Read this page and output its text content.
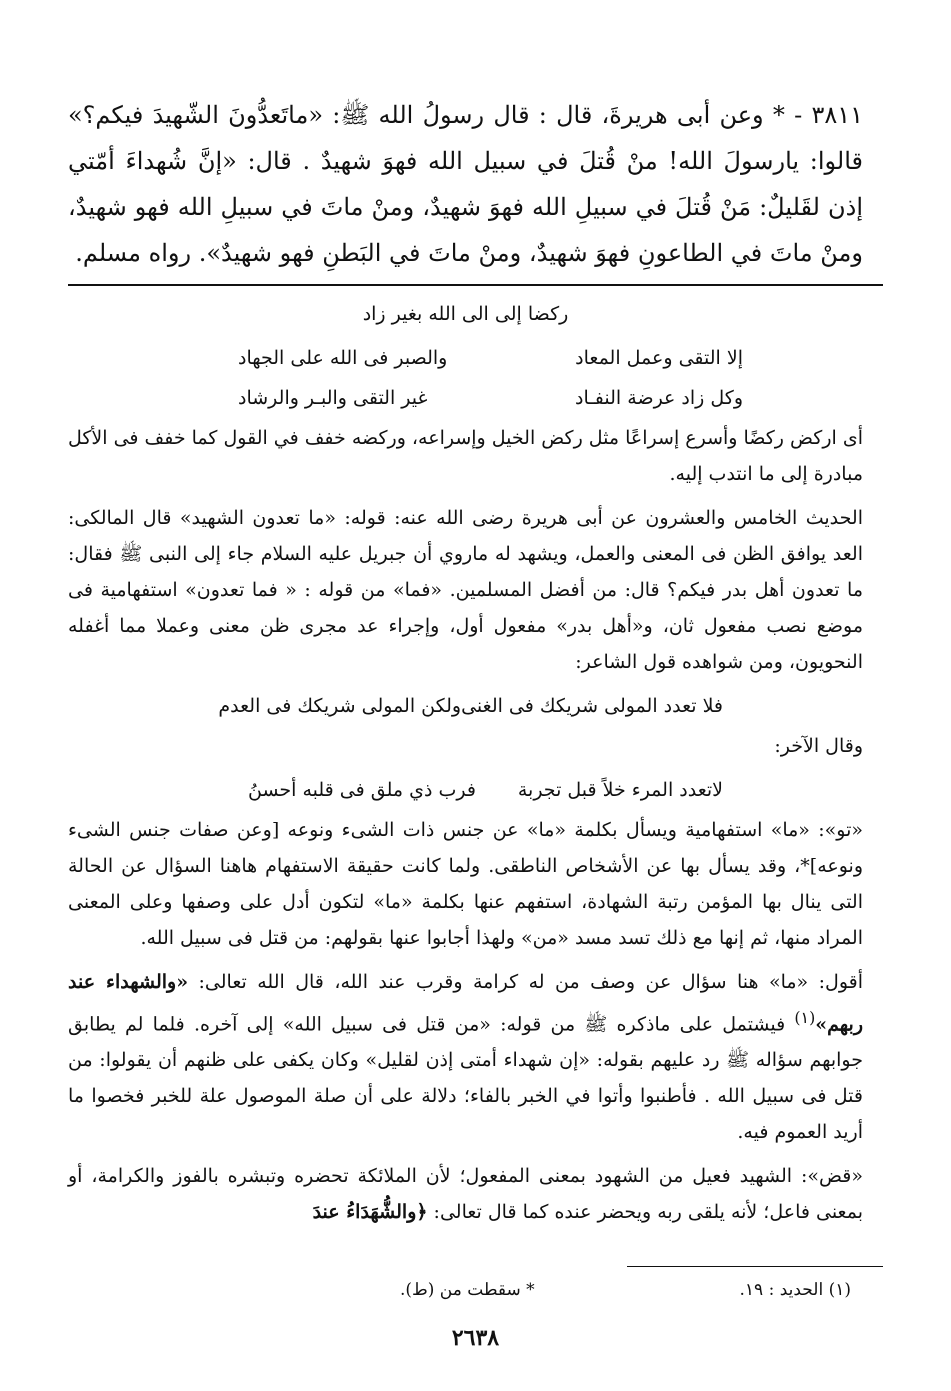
٣٨١١ - * وعن أبى هريرةَ، قال : قال رسولُ الله ﷺ: «ماتَعدُّونَ الشّهيدَ فيكم؟» قالوا: يارسولَ الله! منْ قُتلَ في سبيل الله فهوَ شهيدٌ . قال: «إنَّ شُهداءَ أمّتي إذن لقَليلٌ: مَنْ قُتلَ في سبيلِ الله فهوَ شهيدٌ، ومنْ ماتَ في سبيلِ الله فهو شهيدٌ، ومنْ ماتَ في الطاعونِ فهوَ شهيدٌ، ومنْ ماتَ في البَطنِ فهو شهيدٌ». رواه مسلم.

ركضا إلى الى الله بغير زاد

إلا التقى وعمل المعاد
والصبر فى الله على الجهاد
وكل زاد عرضة النفـاد
غير التقى والبـر والرشاد

أى اركض ركضًا وأسرع إسراعًا مثل ركض الخيل وإسراعه، وركضه خفف في القول كما خفف فى الأكل مبادرة إلى ما انتدب إليه.

الحديث الخامس والعشرون عن أبى هريرة رضى الله عنه: قوله: «ما تعدون الشهيد» قال المالكى: العد يوافق الظن فى المعنى والعمل، ويشهد له ماروي أن جبريل عليه السلام جاء إلى النبى ﷺ فقال: ما تعدون أهل بدر فيكم؟ قال: من أفضل المسلمين. «فما» من قوله : « فما تعدون» استفهامية فى موضع نصب مفعول ثان، و«أهل بدر» مفعول أول، وإجراء عد مجرى ظن معنى وعملا مما أغفله النحويون، ومن شواهده قول الشاعر:

فلا تعدد المولى شريكك فى الغنى
ولكن المولى شريكك فى العدم

وقال الآخر:

لاتعدد المرء خلاً قبل تجربة
فرب ذي ملق فى قلبه أحسنُ

«تو»: «ما» استفهامية ويسأل بكلمة «ما» عن جنس ذات الشىء ونوعه [وعن صفات جنس الشىء ونوعه]*، وقد يسأل بها عن الأشخاص الناطقى. ولما كانت حقيقة الاستفهام هاهنا السؤال عن الحالة التى ينال بها المؤمن رتبة الشهادة، استفهم عنها بكلمة «ما» لتكون أدل على وصفها وعلى المعنى المراد منها، ثم إنها مع ذلك تسد مسد «من» ولهذا أجابوا عنها بقولهم: من قتل فى سبيل الله.

أقول: «ما» هنا سؤال عن وصف من له كرامة وقرب عند الله، قال الله تعالى: «والشهداء عند ربهم»$^{(١)}$ فيشتمل على ماذكره ﷺ من قوله: «من قتل فى سبيل الله» إلى آخره. فلما لم يطابق جوابهم سؤاله ﷺ رد عليهم بقوله: «إن شهداء أمتى إذن لقليل» وكان يكفى على ظنهم أن يقولوا: من قتل فى سبيل الله . فأطنبوا وأتوا في الخبر بالفاء؛ دلالة على أن صلة الموصول علة للخبر فخصوا ما أريد العموم فيه.

«قض»: الشهيد فعيل من الشهود بمعنى المفعول؛ لأن الملائكة تحضره وتبشره بالفوز والكرامة، أو بمعنى فاعل؛ لأنه يلقى ربه ويحضر عنده كما قال تعالى: ﴿والشُّهَدَاءُ عندَ

(١) الحديد : ١٩.
* سقطت من (ط).
٢٦٣٨
